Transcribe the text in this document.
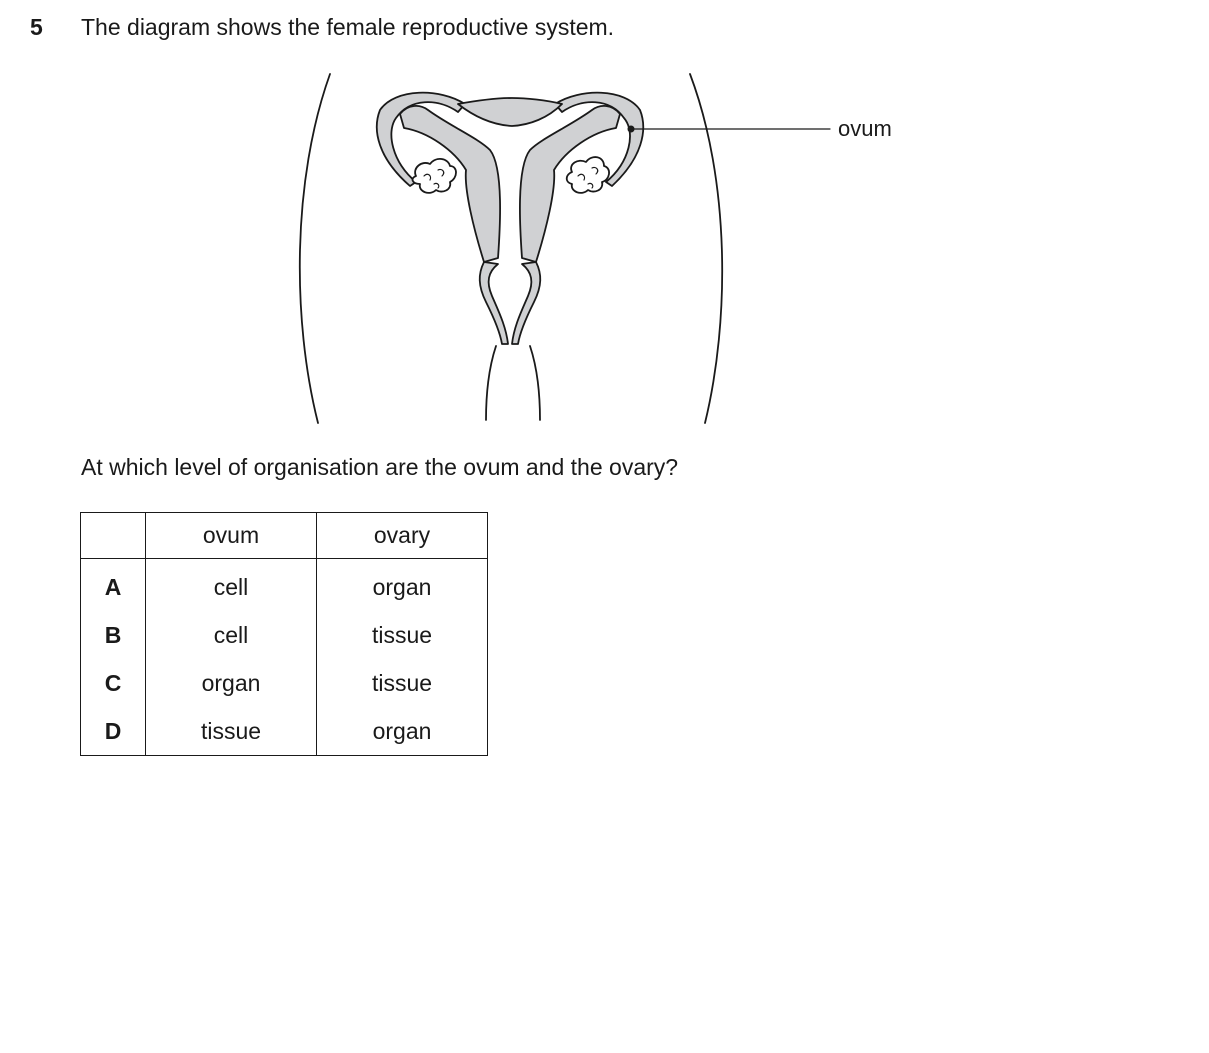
5 The diagram shows the female reproductive system.
ovum
At which level of organisation are the ovum and the ovary?
	ovum	ovary
A	cell	organ
B	cell	tissue
C	organ	tissue
D	tissue	organ
